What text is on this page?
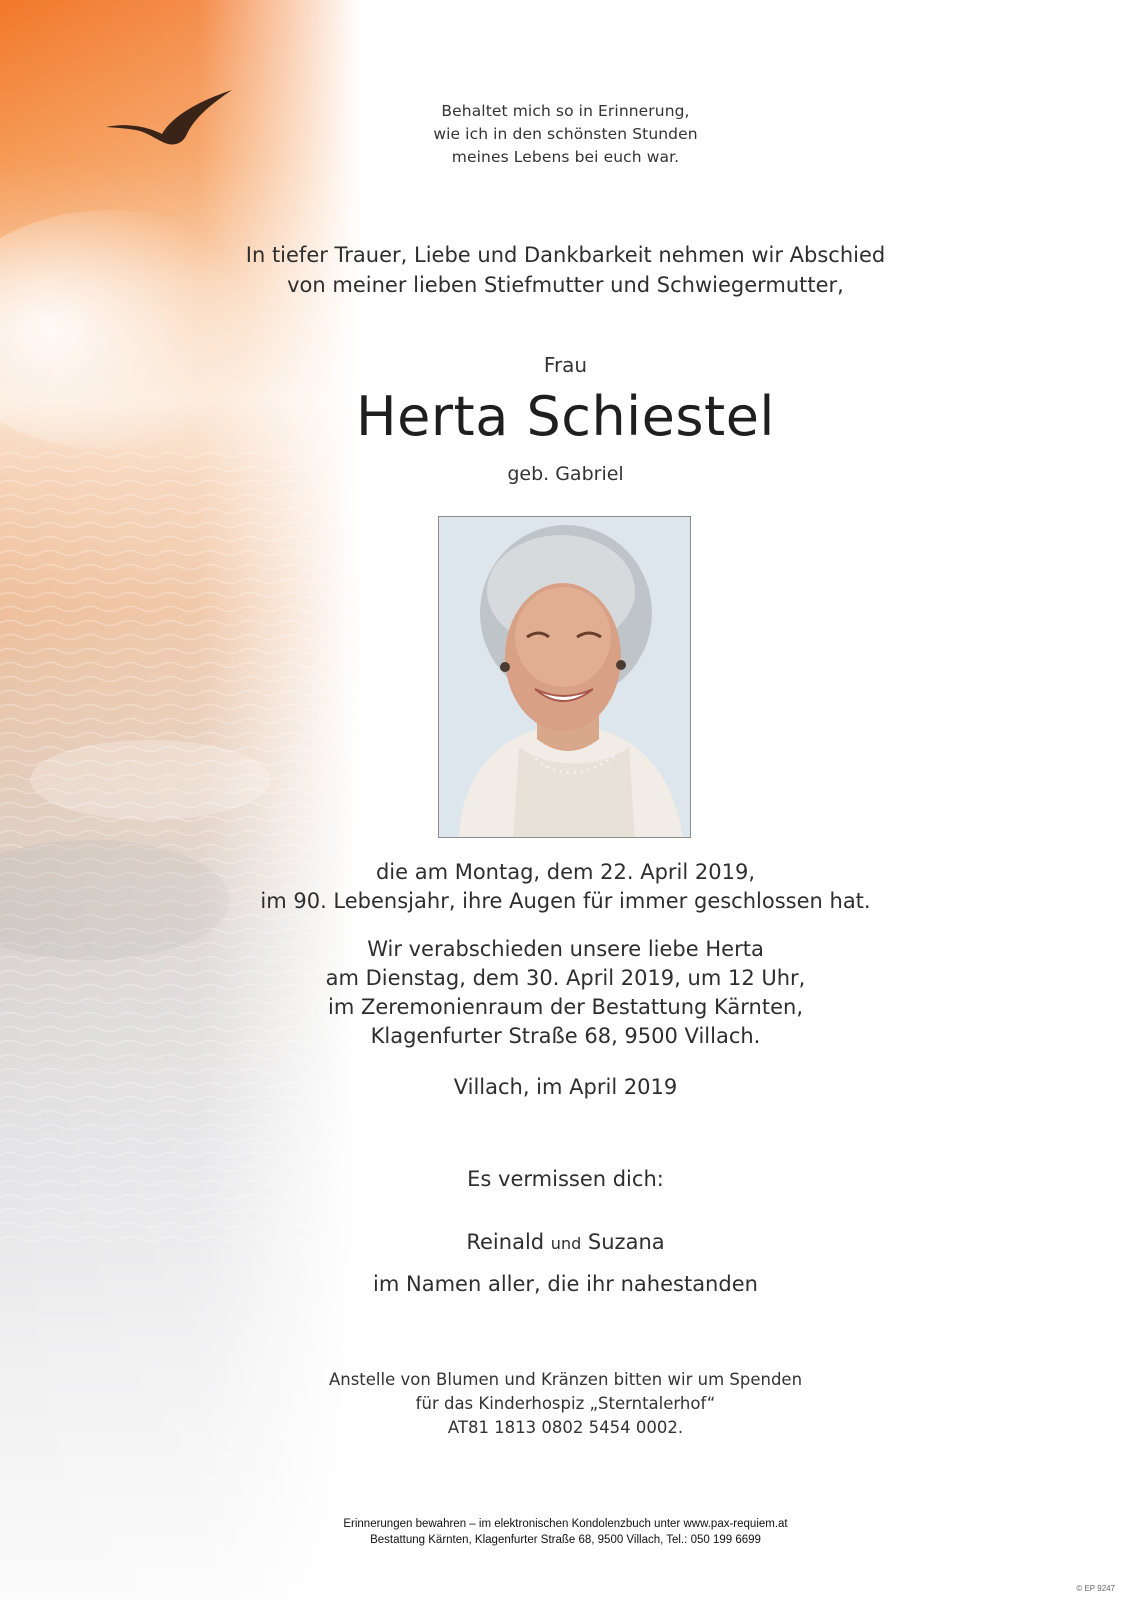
Behaltet mich so in Erinnerung,
wie ich in den schönsten Stunden
meines Lebens bei euch war.
In tiefer Trauer, Liebe und Dankbarkeit nehmen wir Abschied
von meiner lieben Stiefmutter und Schwiegermutter,
Frau
Herta Schiestel
geb. Gabriel
die am Montag, dem 22. April 2019,
im 90. Lebensjahr, ihre Augen für immer geschlossen hat.
Wir verabschieden unsere liebe Herta
am Dienstag, dem 30. April 2019, um 12 Uhr,
im Zeremonienraum der Bestattung Kärnten,
Klagenfurter Straße 68, 9500 Villach.
Villach, im April 2019
Es vermissen dich:
Reinald und Suzana
im Namen aller, die ihr nahestanden
Anstelle von Blumen und Kränzen bitten wir um Spenden
für das Kinderhospiz „Sterntalerhof“
AT81 1813 0802 5454 0002.
Erinnerungen bewahren – im elektronischen Kondolenzbuch unter www.pax-requiem.at
Bestattung Kärnten, Klagenfurter Straße 68, 9500 Villach, Tel.: 050 199 6699
© EP 9247
